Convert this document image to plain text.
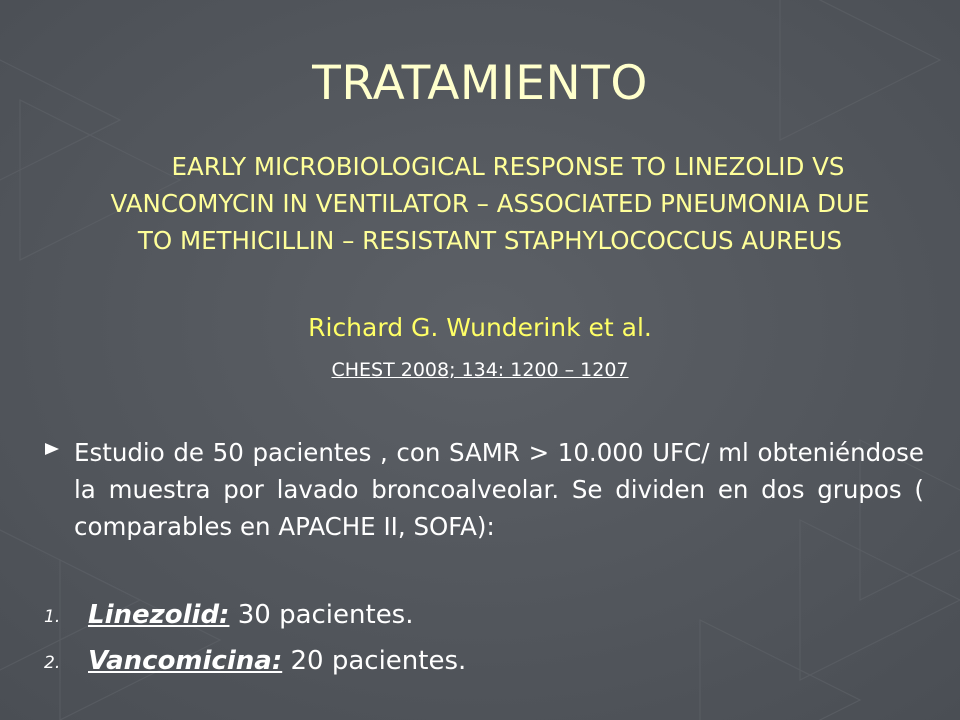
TRATAMIENTO
EARLY MICROBIOLOGICAL RESPONSE TO LINEZOLID VS VANCOMYCIN IN VENTILATOR – ASSOCIATED PNEUMONIA DUE TO METHICILLIN – RESISTANT STAPHYLOCOCCUS AUREUS
Richard G. Wunderink et al.
CHEST 2008; 134: 1200 – 1207
Estudio de 50 pacientes , con SAMR > 10.000 UFC/ ml obteniéndose la muestra por lavado broncoalveolar. Se dividen en dos grupos ( comparables en APACHE II, SOFA):
1. Linezolid: 30 pacientes.
2. Vancomicina: 20 pacientes.
